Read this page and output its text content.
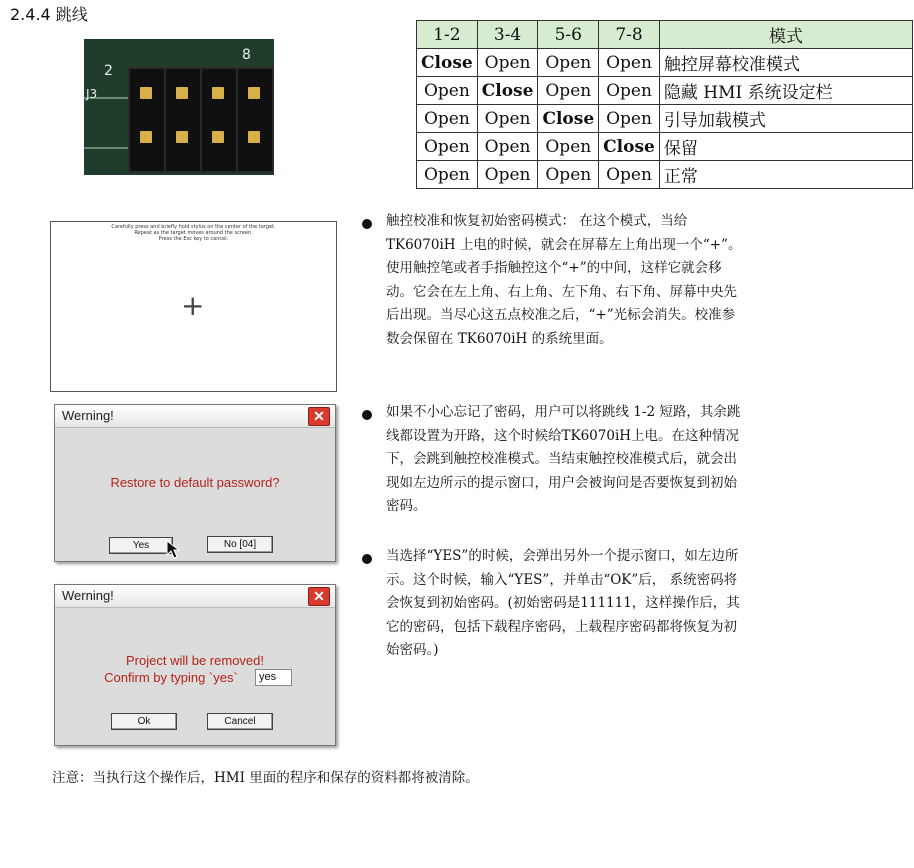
2.4.4 跳线
2
J3
8
1-2	3-4	5-6	7-8	模式
Close	Open	Open	Open	触控屏幕校准模式
Open	Close	Open	Open	隐藏 HMI 系统设定栏
Open	Open	Close	Open	引导加载模式
Open	Open	Open	Close	保留
Open	Open	Open	Open	正常
Carefully press and briefly hold stylus on the center of the target.
Repeat as the target moves around the screen.
Press the Esc key to cancel.
+
Werning!	✕
Restore to default password?
Yes	No [04]
Werning!	✕
Project will be removed!
Confirm by typing `yes`	yes
Ok	Cancel
触控校准和恢复初始密码模式： 在这个模式，当给TK6070iH 上电的时候，就会在屏幕左上角出现一个“+”。使用触控笔或者手指触控这个“+”的中间，这样它就会移动。它会在左上角、右上角、左下角、右下角、屏幕中央先后出现。当尽心这五点校准之后，“+”光标会消失。校准参数会保留在 TK6070iH 的系统里面。
如果不小心忘记了密码，用户可以将跳线 1-2 短路，其余跳线都设置为开路，这个时候给TK6070iH上电。在这种情况下，会跳到触控校准模式。当结束触控校准模式后，就会出现如左边所示的提示窗口，用户会被询问是否要恢复到初始密码。
当选择“YES”的时候，会弹出另外一个提示窗口，如左边所示。这个时候，输入“YES”，并单击“OK”后， 系统密码将会恢复到初始密码。(初始密码是111111，这样操作后，其它的密码，包括下载程序密码，上载程序密码都将恢复为初始密码。)
注意：当执行这个操作后，HMI 里面的程序和保存的资料都将被清除。
